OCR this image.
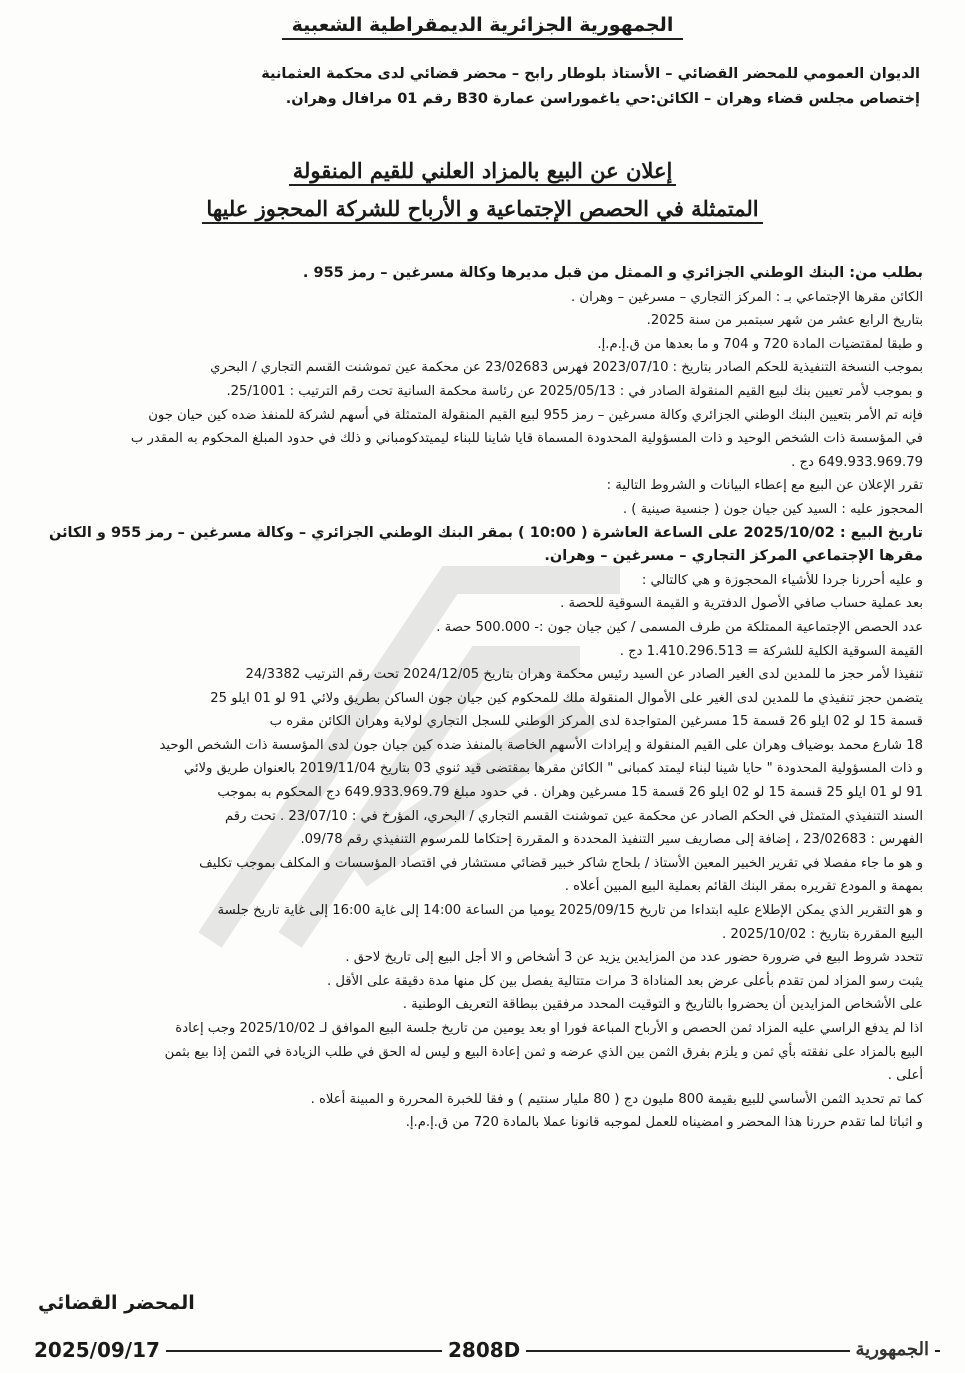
الجمهورية الجزائرية الديمقراطية الشعبية
الديوان العمومي للمحضر القضائي – الأستاذ بلوطار رابح – محضر قضائي لدى محكمة العثمانية
إختصاص مجلس قضاء وهران – الكائن:حي ياغموراسن عمارة B30 رقم 01 مرافال وهران.
إعلان عن البيع بالمزاد العلني للقيم المنقولة
المتمثلة في الحصص الإجتماعية و الأرباح للشركة المحجوز عليها

بطلب من: البنك الوطني الجزائري و الممثل من قبل مديرها وكالة مسرغين – رمز 955 .

الكائن مقرها الإجتماعي بـ : المركز التجاري – مسرغين – وهران .

بتاريخ الرابع عشر من شهر سبتمبر من سنة 2025.

و طبقا لمقتضيات المادة 720 و 704 و ما بعدها من ق.إ.م.إ.

بموجب النسخة التنفيذية للحكم الصادر بتاريخ : 2023/07/10 فهرس 23/02683 عن محكمة عين تموشنت القسم التجاري / البحري

و بموجب لأمر تعيين بنك لبيع القيم المنقولة الصادر في : 2025/05/13 عن رئاسة محكمة السانية تحت رقم الترتيب : 25/1001.

فإنه تم الأمر بتعيين البنك الوطني الجزائري وكالة مسرغين – رمز 955 لبيع القيم المنقولة المتمثلة في أسهم لشركة للمنفذ ضده كين حيان جون

في المؤسسة ذات الشخص الوحيد و ذات المسؤولية المحدودة المسماة قايا شاينا للبناء ليميتدكومباني و ذلك في حدود المبلغ المحكوم به المقدر ب

649.933.969.79 دج .

تقرر الإعلان عن البيع مع إعطاء البيانات و الشروط التالية :

المحجوز عليه : السيد كين جيان جون ( جنسية صينية ) .

تاريخ البيع : 2025/10/02 على الساعة العاشرة ( 10:00 ) بمقر البنك الوطني الجزائري – وكالة مسرغين – رمز 955 و الكائن

مقرها الإجتماعي المركز التجاري – مسرغين – وهران.

و عليه أحررنا جردا للأشياء المحجوزة و هي كالتالي :

بعد عملية حساب صافي الأصول الدفترية و القيمة السوقية للحصة .

عدد الحصص الإجتماعية الممتلكة من طرف المسمى / كين جيان جون :- 500.000 حصة .

القيمة السوقية الكلية للشركة = 1.410.296.513 دج .

تنفيذا لأمر حجز ما للمدين لدى الغير الصادر عن السيد رئيس محكمة وهران بتاريخ 2024/12/05 تحت رقم الترتيب 24/3382

يتضمن حجز تنفيذي ما للمدين لدى الغير على الأموال المنقولة ملك للمحكوم كين جيان جون الساكن بطريق ولائي 91 لو 01 ايلو 25

قسمة 15 لو 02 ايلو 26 قسمة 15 مسرغين المتواجدة لدى المركز الوطني للسجل التجاري لولاية وهران الكائن مقره ب

18 شارع محمد بوضياف وهران على القيم المنقولة و إيرادات الأسهم الخاصة بالمنفذ ضده كين جيان جون لدى المؤسسة ذات الشخص الوحيد

و ذات المسؤولية المحدودة " حايا شينا لبناء ليمتد كمبانى " الكائن مقرها بمقتضى قيد ثنوي 03 بتاريخ 2019/11/04 بالعنوان طريق ولائي

91 لو 01 ايلو 25 قسمة 15 لو 02 ايلو 26 قسمة 15 مسرغين وهران . في حدود مبلغ 649.933.969.79 دج المحكوم به بموجب

السند التنفيذي المتمثل في الحكم الصادر عن محكمة عين تموشنت القسم التجاري / البحري، المؤرخ في : 23/07/10 . تحت رقم

الفهرس : 23/02683 ، إضافة إلى مصاريف سير التنفيذ المحددة و المقررة إحتكاما للمرسوم التنفيذي رقم 09/78.

و هو ما جاء مفصلا في تقرير الخبير المعين الأستاذ / بلحاج شاكر خبير قضائي مستشار في اقتصاد المؤسسات و المكلف بموجب تكليف

بمهمة و المودع تقريره بمقر البنك القائم بعملية البيع المبين أعلاه .

و هو التقرير الذي يمكن الإطلاع عليه ابتداءا من تاريخ 2025/09/15 يوميا من الساعة 14:00 إلى غاية 16:00 إلى غاية تاريخ جلسة

البيع المقررة بتاريخ : 2025/10/02 .

تتحدد شروط البيع في ضرورة حضور عدد من المزايدين يزيد عن 3 أشخاص و الا أجل البيع إلى تاريخ لاحق .

يثبت رسو المزاد لمن تقدم بأعلى عرض بعد المناداة 3 مرات متتالية يفصل بين كل منها مدة دقيقة على الأقل .

على الأشخاص المزايدين أن يحضروا بالتاريخ و التوقيت المحدد مرفقين ببطاقة التعريف الوطنية .

اذا لم يدفع الراسي عليه المزاد ثمن الحصص و الأرباح المباعة فورا او بعد يومين من تاريخ جلسة البيع الموافق لـ 2025/10/02 وجب إعادة

البيع بالمزاد على نفقته بأي ثمن و يلزم بفرق الثمن بين الذي عرضه و ثمن إعادة البيع و ليس له الحق في طلب الزيادة في الثمن إذا بيع بثمن

أعلى .

كما تم تحديد الثمن الأساسي للبيع بقيمة 800 مليون دج ( 80 مليار سنتيم ) و فقا للخبرة المحررة و المبينة أعلاه .

و اثباتا لما تقدم حررنا هذا المحضر و امضيناه للعمل لموجبه قانونا عملا بالمادة 720 من ق.إ.م.إ.

المحضر القضائي
2025/09/17	2808D	الجمهورية
